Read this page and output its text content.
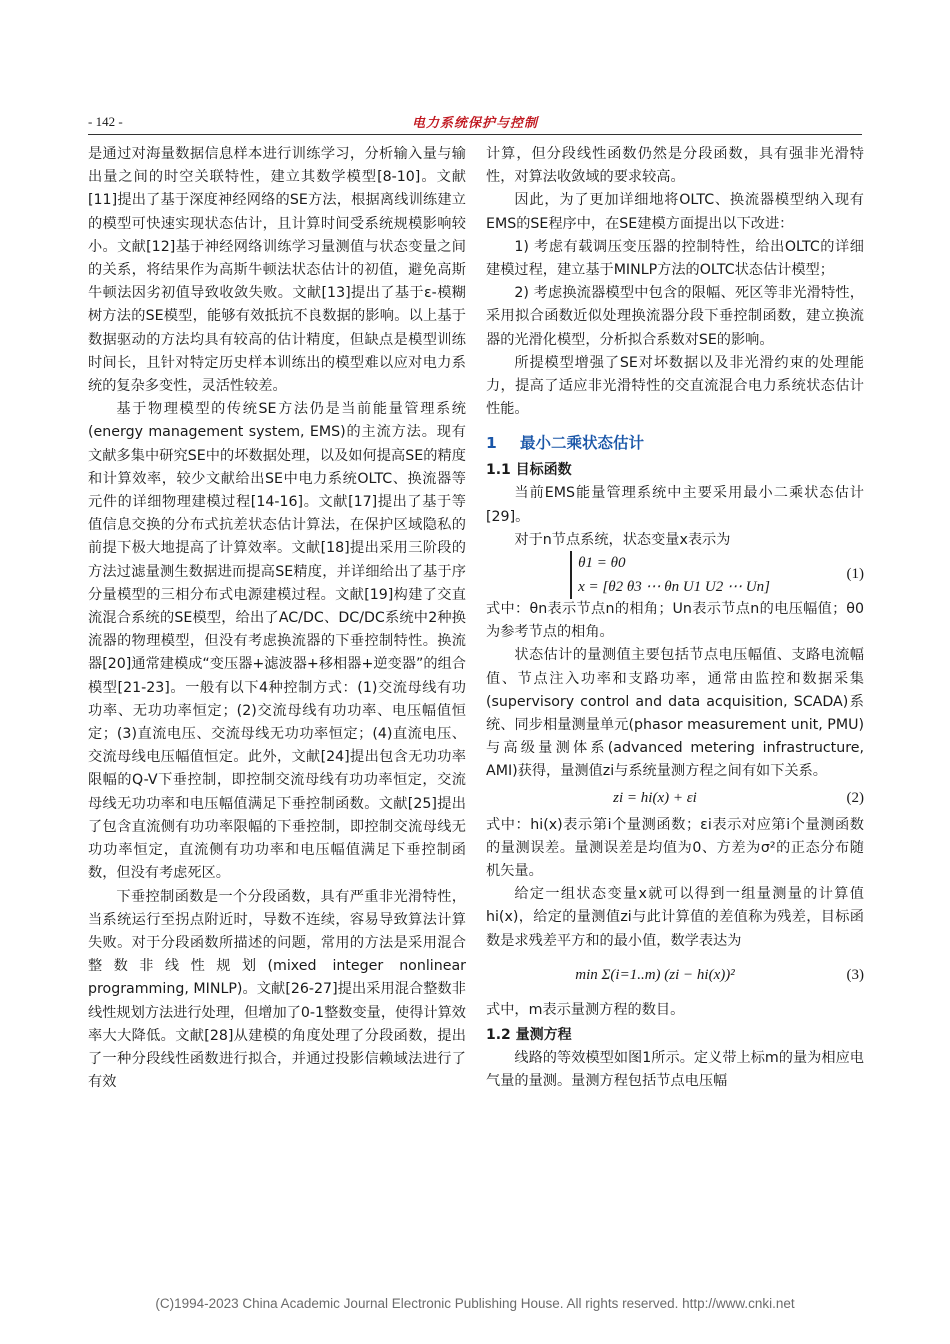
- 142 -	电力系统保护与控制

是通过对海量数据信息样本进行训练学习，分析输入量与输出量之间的时空关联特性，建立其数学模型[8-10]。文献[11]提出了基于深度神经网络的SE方法，根据离线训练建立的模型可快速实现状态估计，且计算时间受系统规模影响较小。文献[12]基于神经网络训练学习量测值与状态变量之间的关系，将结果作为高斯牛顿法状态估计的初值，避免高斯牛顿法因劣初值导致收敛失败。文献[13]提出了基于ε-模糊树方法的SE模型，能够有效抵抗不良数据的影响。以上基于数据驱动的方法均具有较高的估计精度，但缺点是模型训练时间长，且针对特定历史样本训练出的模型难以应对电力系统的复杂多变性，灵活性较差。

基于物理模型的传统SE方法仍是当前能量管理系统(energy management system, EMS)的主流方法。现有文献多集中研究SE中的坏数据处理，以及如何提高SE的精度和计算效率，较少文献给出SE中电力系统OLTC、换流器等元件的详细物理建模过程[14-16]。文献[17]提出了基于等值信息交换的分布式抗差状态估计算法，在保护区域隐私的前提下极大地提高了计算效率。文献[18]提出采用三阶段的方法过滤量测生数据进而提高SE精度，并详细给出了基于序分量模型的三相分布式电源建模过程。文献[19]构建了交直流混合系统的SE模型，给出了AC/DC、DC/DC系统中2种换流器的物理模型，但没有考虑换流器的下垂控制特性。换流器[20]通常建模成“变压器+滤波器+移相器+逆变器”的组合模型[21-23]。一般有以下4种控制方式：(1)交流母线有功功率、无功功率恒定；(2)交流母线有功功率、电压幅值恒定；(3)直流电压、交流母线无功功率恒定；(4)直流电压、交流母线电压幅值恒定。此外，文献[24]提出包含无功功率限幅的Q-V下垂控制，即控制交流母线有功功率恒定，交流母线无功功率和电压幅值满足下垂控制函数。文献[25]提出了包含直流侧有功功率限幅的下垂控制，即控制交流母线无功功率恒定，直流侧有功功率和电压幅值满足下垂控制函数，但没有考虑死区。

下垂控制函数是一个分段函数，具有严重非光滑特性，当系统运行至拐点附近时，导数不连续，容易导致算法计算失败。对于分段函数所描述的问题，常用的方法是采用混合整数非线性规划(mixed integer nonlinear programming, MINLP)。文献[26-27]提出采用混合整数非线性规划方法进行处理，但增加了0-1整数变量，使得计算效率大大降低。文献[28]从建模的角度处理了分段函数，提出了一种分段线性函数进行拟合，并通过投影信赖域法进行了有效

计算，但分段线性函数仍然是分段函数，具有强非光滑特性，对算法收敛域的要求较高。

因此，为了更加详细地将OLTC、换流器模型纳入现有EMS的SE程序中，在SE建模方面提出以下改进：

1) 考虑有载调压变压器的控制特性，给出OLTC的详细建模过程，建立基于MINLP方法的OLTC状态估计模型；

2) 考虑换流器模型中包含的限幅、死区等非光滑特性，采用拟合函数近似处理换流器分段下垂控制函数，建立换流器的光滑化模型，分析拟合系数对SE的影响。

所提模型增强了SE对坏数据以及非光滑约束的处理能力，提高了适应非光滑特性的交直流混合电力系统状态估计性能。

1 最小二乘状态估计
1.1 目标函数

当前EMS能量管理系统中主要采用最小二乘状态估计[29]。

对于n节点系统，状态变量x表示为

θ1 = θ0
x = [θ2 θ3 ⋯ θn U1 U2 ⋯ Un]
(1)

式中：θn表示节点n的相角；Un表示节点n的电压幅值；θ0为参考节点的相角。

状态估计的量测值主要包括节点电压幅值、支路电流幅值、节点注入功率和支路功率，通常由监控和数据采集(supervisory control and data acquisition, SCADA)系统、同步相量测量单元(phasor measurement unit, PMU)与高级量测体系(advanced metering infrastructure, AMI)获得，量测值zi与系统量测方程之间有如下关系。

zi = hi(x) + εi	(2)

式中：hi(x)表示第i个量测函数；εi表示对应第i个量测函数的量测误差。量测误差是均值为0、方差为σ²的正态分布随机矢量。

给定一组状态变量x就可以得到一组量测量的计算值hi(x)，给定的量测值zi与此计算值的差值称为残差，目标函数是求残差平方和的最小值，数学表达为

min Σ(i=1..m) (zi − hi(x))²	(3)

式中，m表示量测方程的数目。

1.2 量测方程

线路的等效模型如图1所示。定义带上标m的量为相应电气量的量测。量测方程包括节点电压幅

(C)1994-2023 China Academic Journal Electronic Publishing House. All rights reserved. http://www.cnki.net
